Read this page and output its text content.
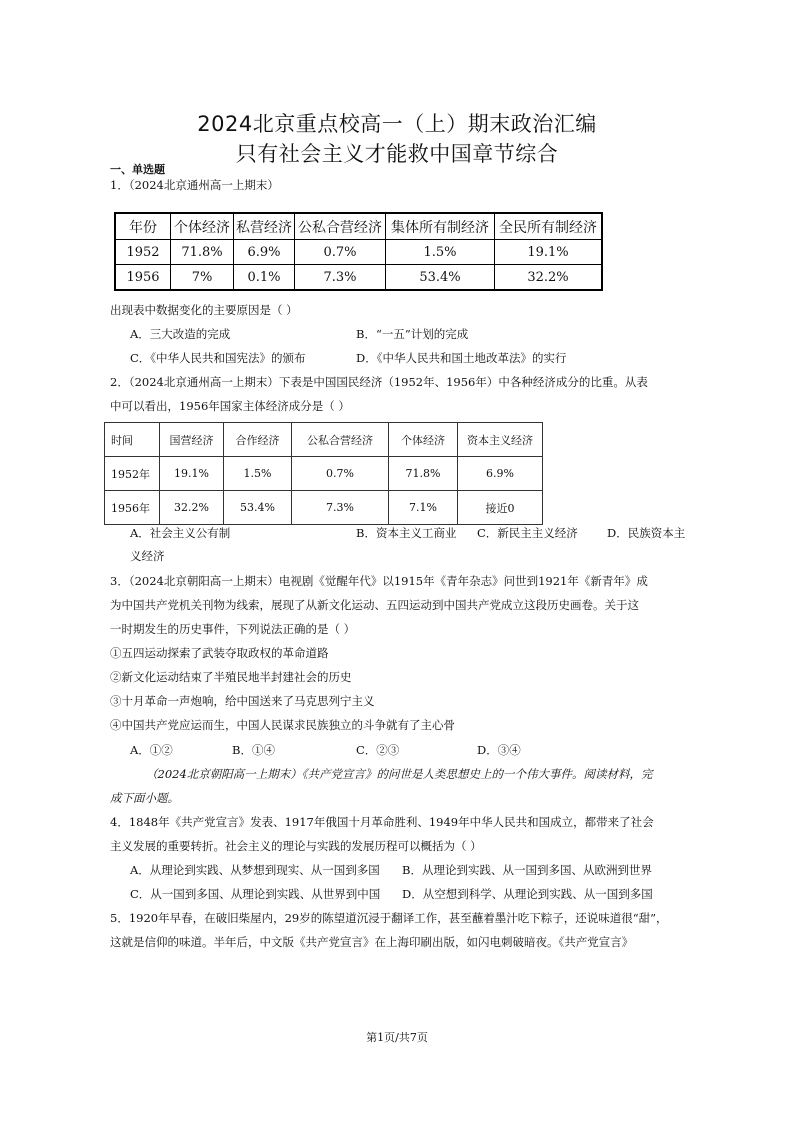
2024北京重点校高一（上）期末政治汇编
只有社会主义才能救中国章节综合
一、单选题
1．（2024北京通州高一上期末）
年份	个体经济	私营经济	公私合营经济	集体所有制经济	全民所有制经济
1952	71.8%	6.9%	0.7%	1.5%	19.1%
1956	7%	0.1%	7.3%	53.4%	32.2%
出现表中数据变化的主要原因是（ ）
A．三大改造的完成	B．“一五”计划的完成
C．《中华人民共和国宪法》的颁布	D．《中华人民共和国土地改革法》的实行
2．（2024北京通州高一上期末）下表是中国国民经济（1952年、1956年）中各种经济成分的比重。从表
中可以看出，1956年国家主体经济成分是（ ）
时间	国营经济	合作经济	公私合营经济	个体经济	资本主义经济
1952年	19.1%	1.5%	0.7%	71.8%	6.9%
1956年	32.2%	53.4%	7.3%	7.1%	接近0
A．社会主义公有制	B．资本主义工商业 C．新民主主义经济	D．民族资本主
义经济
3．（2024北京朝阳高一上期末）电视剧《觉醒年代》以1915年《青年杂志》问世到1921年《新青年》成
为中国共产党机关刊物为线索，展现了从新文化运动、五四运动到中国共产党成立这段历史画卷。关于这
一时期发生的历史事件，下列说法正确的是（ ）
①五四运动探索了武装夺取政权的革命道路
②新文化运动结束了半殖民地半封建社会的历史
③十月革命一声炮响，给中国送来了马克思列宁主义
④中国共产党应运而生，中国人民谋求民族独立的斗争就有了主心骨
A．①②	B．①④	C．②③	D．③④
（2024北京朝阳高一上期末）《共产党宣言》的问世是人类思想史上的一个伟大事件。阅读材料，完
成下面小题。
4．1848年《共产党宣言》发表、1917年俄国十月革命胜利、1949年中华人民共和国成立，都带来了社会
主义发展的重要转折。社会主义的理论与实践的发展历程可以概括为（ ）
A．从理论到实践、从梦想到现实、从一国到多国 B．从理论到实践、从一国到多国、从欧洲到世界
C．从一国到多国、从理论到实践、从世界到中国 D．从空想到科学、从理论到实践、从一国到多国
5．1920年早春，在破旧柴屋内，29岁的陈望道沉浸于翻译工作，甚至蘸着墨汁吃下粽子，还说味道很“甜”，
这就是信仰的味道。半年后，中文版《共产党宣言》在上海印刷出版，如闪电刺破暗夜。《共产党宣言》
第1页/共7页
